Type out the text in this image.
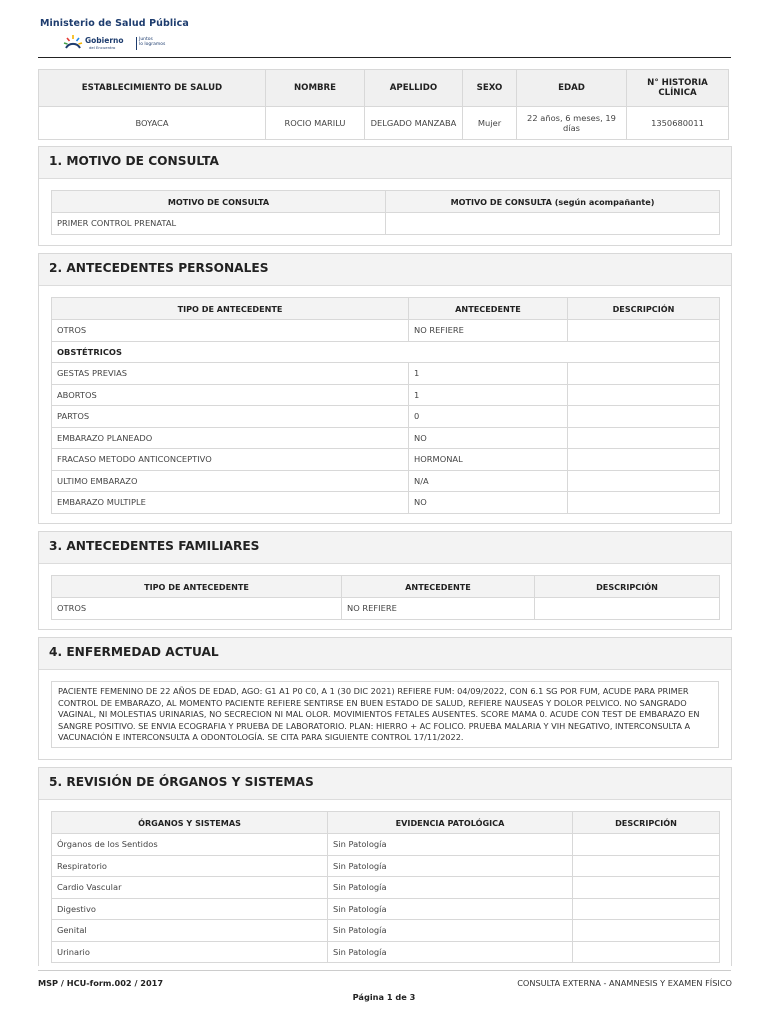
Ministerio de Salud Pública
Gobierno
del Encuentro
Juntos
lo logramos
ESTABLECIMIENTO DE SALUD	NOMBRE	APELLIDO	SEXO	EDAD	N° HISTORIA CLÍNICA
BOYACA	ROCIO MARILU	DELGADO MANZABA	Mujer	22 años, 6 meses, 19 días	1350680011
1. MOTIVO DE CONSULTA
MOTIVO DE CONSULTA	MOTIVO DE CONSULTA (según acompañante)
PRIMER CONTROL PRENATAL	
2. ANTECEDENTES PERSONALES
TIPO DE ANTECEDENTE	ANTECEDENTE	DESCRIPCIÓN
OTROS	NO REFIERE	
OBSTÉTRICOS		
GESTAS PREVIAS	1	
ABORTOS	1	
PARTOS	0	
EMBARAZO PLANEADO	NO	
FRACASO METODO ANTICONCEPTIVO	HORMONAL	
ULTIMO EMBARAZO	N/A	
EMBARAZO MULTIPLE	NO	
3. ANTECEDENTES FAMILIARES
TIPO DE ANTECEDENTE	ANTECEDENTE	DESCRIPCIÓN
OTROS	NO REFIERE	
4. ENFERMEDAD ACTUAL
PACIENTE FEMENINO DE 22 AÑOS DE EDAD, AGO: G1 A1 P0 C0, A 1 (30 DIC 2021) REFIERE FUM: 04/09/2022, CON 6.1 SG POR FUM, ACUDE PARA PRIMER CONTROL DE EMBARAZO, AL MOMENTO PACIENTE REFIERE SENTIRSE EN BUEN ESTADO DE SALUD, REFIERE NAUSEAS Y DOLOR PELVICO. NO SANGRADO VAGINAL, NI MOLESTIAS URINARIAS, NO SECRECION NI MAL OLOR. MOVIMIENTOS FETALES AUSENTES. SCORE MAMA 0. ACUDE CON TEST DE EMBARAZO EN SANGRE POSITIVO. SE ENVIA ECOGRAFIA Y PRUEBA DE LABORATORIO. PLAN: HIERRO + AC FOLICO. PRUEBA MALARIA Y VIH NEGATIVO, INTERCONSULTA A VACUNACIÓN E INTERCONSULTA A ODONTOLOGÍA. SE CITA PARA SIGUIENTE CONTROL 17/11/2022.
5. REVISIÓN DE ÓRGANOS Y SISTEMAS
ÓRGANOS Y SISTEMAS	EVIDENCIA PATOLÓGICA	DESCRIPCIÓN
Órganos de los Sentidos	Sin Patología	
Respiratorio	Sin Patología	
Cardio Vascular	Sin Patología	
Digestivo	Sin Patología	
Genital	Sin Patología	
Urinario	Sin Patología	
MSP / HCU-form.002 / 2017	CONSULTA EXTERNA - ANAMNESIS Y EXAMEN FÍSICO
Página 1 de 3
